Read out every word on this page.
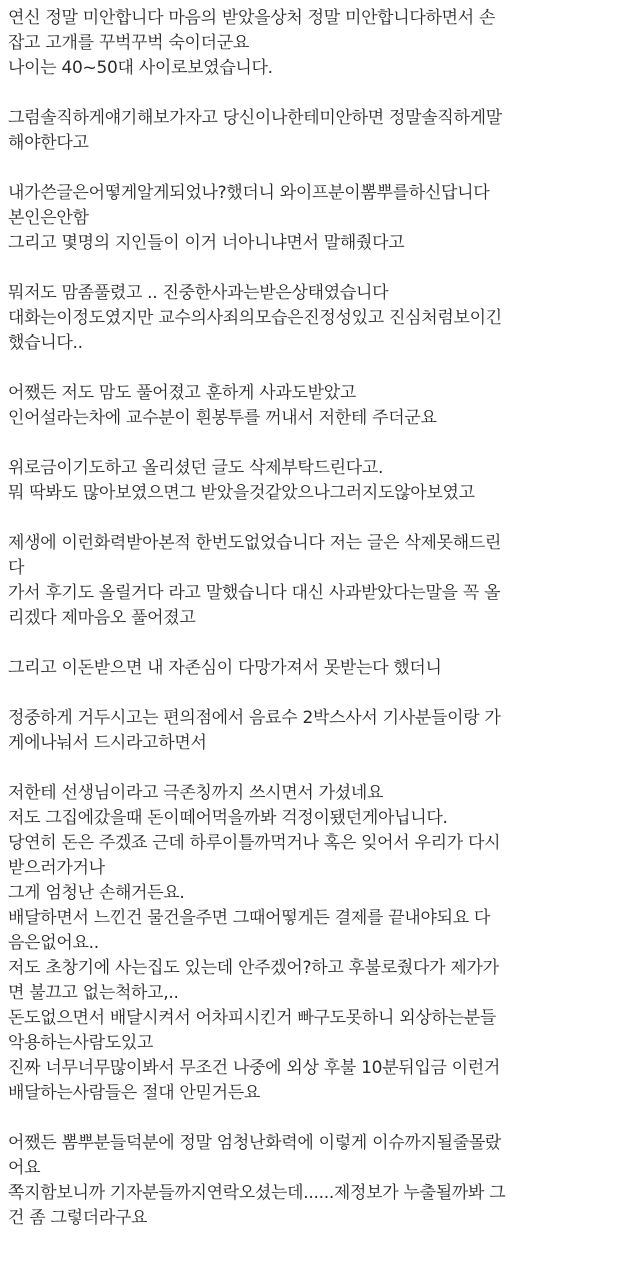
연신 정말 미안합니다 마음의 받았을상처 정말 미안합니다하면서 손
잡고 고개를 꾸벅꾸벅 숙이더군요
나이는 40~50대 사이로보였습니다.
그럼솔직하게얘기해보가자고 당신이나한테미안하면 정말솔직하게말
해야한다고
내가쓴글은어떻게알게되었나?했더니 와이프분이뽐뿌를하신답니다
본인은안함
그리고 몇명의 지인들이 이거 너아니냐면서 말해줬다고
뭐저도 맘좀풀렸고 .. 진중한사과는받은상태였습니다
대화는이정도였지만 교수의사죄의모습은진정성있고 진심처럼보이긴
했습니다..
어쨌든 저도 맘도 풀어졌고 훈하게 사과도받았고
인어설라는차에 교수분이 흰봉투를 꺼내서 저한테 주더군요
위로금이기도하고 올리셨던 글도 삭제부탁드린다고.
뭐 딱봐도 많아보였으면그 받았을것같았으나그러지도않아보였고
제생에 이런화력받아본적 한번도없었습니다 저는 글은 삭제못해드린
다
가서 후기도 올릴거다 라고 말했습니다 대신 사과받았다는말을 꼭 올
리겠다 제마음오 풀어졌고
그리고 이돈받으면 내 자존심이 다망가져서 못받는다 했더니
정중하게 거두시고는 편의점에서 음료수 2박스사서 기사분들이랑 가
게에나눠서 드시라고하면서
저한테 선생님이라고 극존칭까지 쓰시면서 가셨네요
저도 그집에갔을때 돈이떼어먹을까봐 걱정이됐던게아닙니다.
당연히 돈은 주겠죠 근데 하루이틀까먹거나 혹은 잊어서 우리가 다시
받으러가거나
그게 엄청난 손해거든요.
배달하면서 느낀건 물건을주면 그때어떻게든 결제를 끝내야되요 다
음은없어요..
저도 초창기에 사는집도 있는데 안주겠어?하고 후불로줬다가 제가가
면 불끄고 없는척하고,..
돈도없으면서 배달시켜서 어차피시킨거 빠구도못하니 외상하는분들
악용하는사람도있고
진짜 너무너무많이봐서 무조건 나중에 외상 후불 10분뒤입금 이런거
배달하는사람들은 절대 안믿거든요
어쨌든 뽐뿌분들덕분에 정말 엄청난화력에 이렇게 이슈까지될줄몰랐
어요
쪽지함보니까 기자분들까지연락오셨는데......제정보가 누출될까봐 그
건 좀 그렇더라구요
